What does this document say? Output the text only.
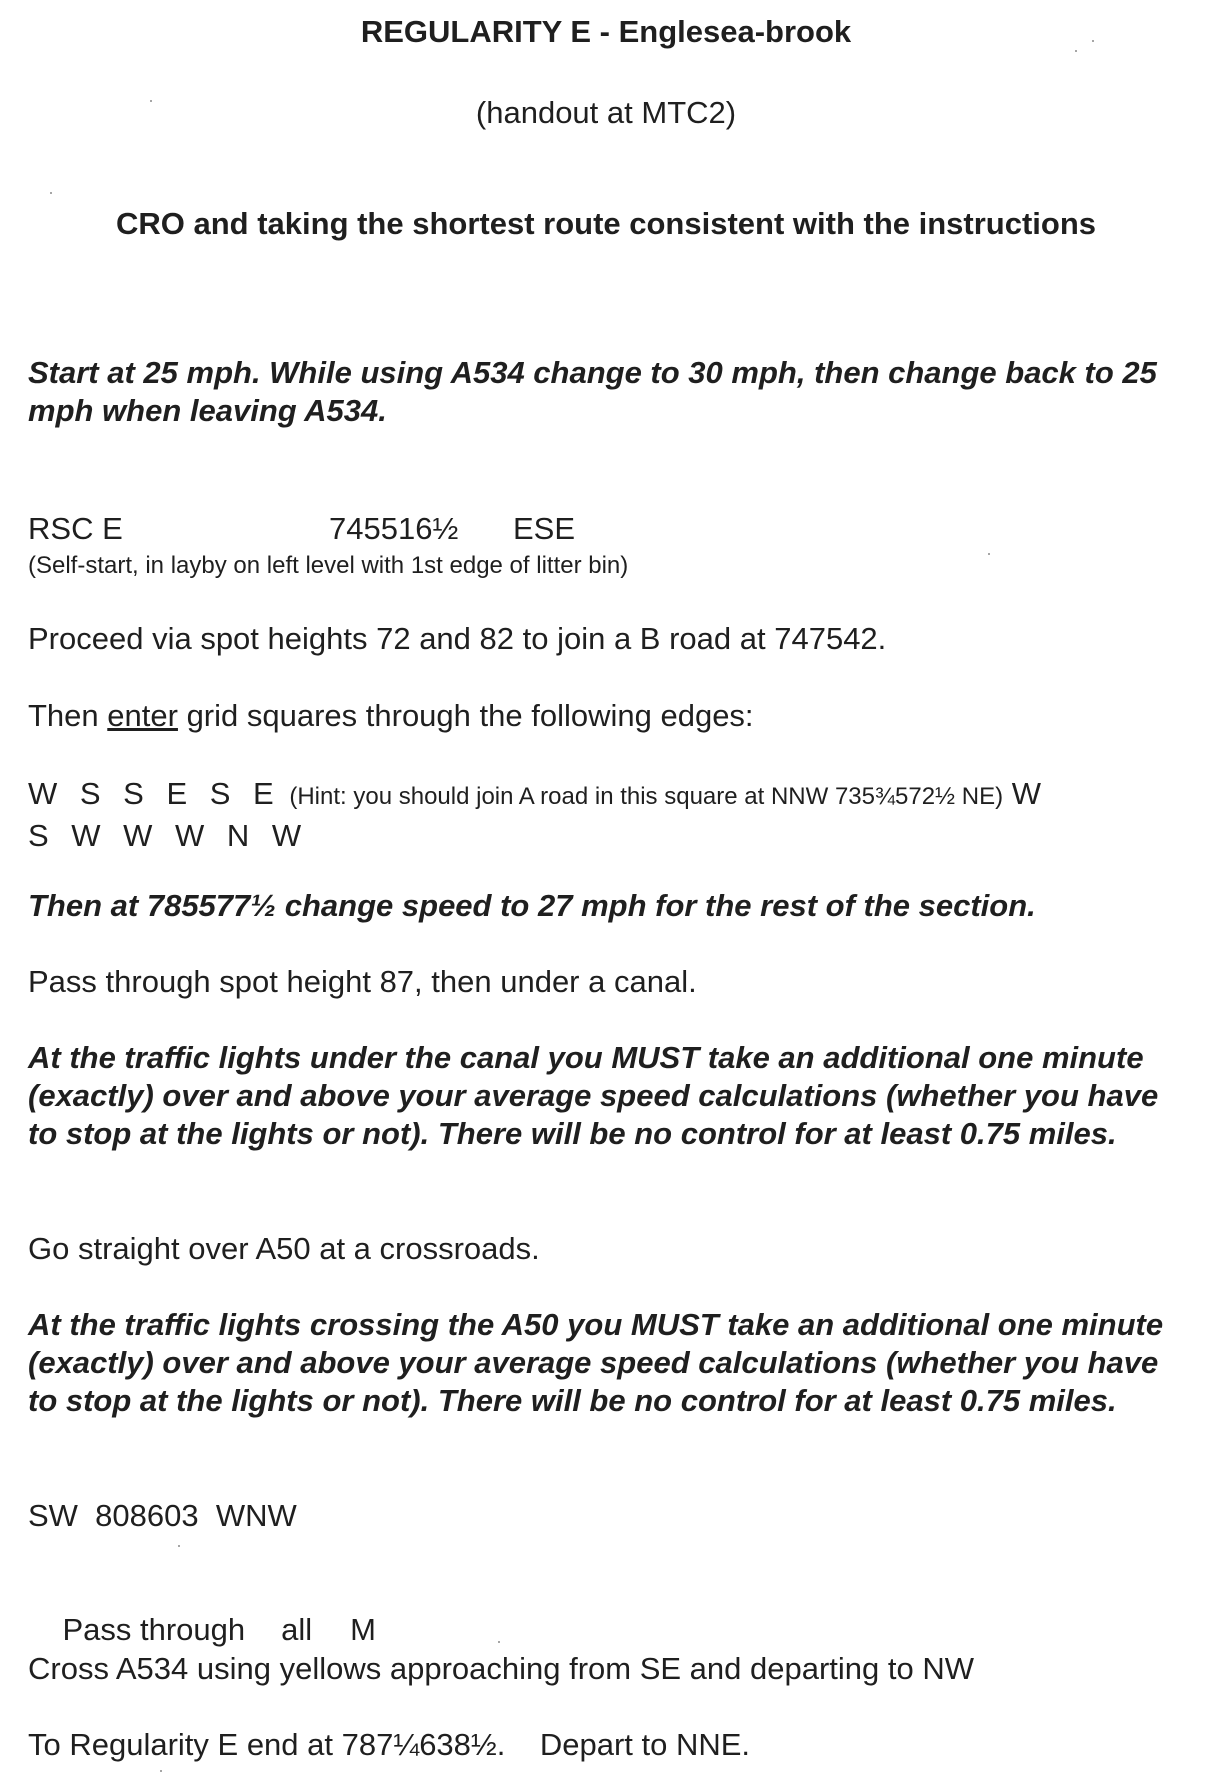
REGULARITY E - Englesea-brook
(handout at MTC2)
CRO and taking the shortest route consistent with the instructions
Start at 25 mph. While using A534 change to 30 mph, then change back to 25 mph when leaving A534.
RSC E	745516½ ESE
(Self-start, in layby on left level with 1st edge of litter bin)
Proceed via spot heights 72 and 82 to join a B road at 747542.
Then enter grid squares through the following edges:
W S S E S E (Hint: you should join A road in this square at NNW 735¾572½ NE) W
S W W W N W
Then at 785577½ change speed to 27 mph for the rest of the section.
Pass through spot height 87, then under a canal.
At the traffic lights under the canal you MUST take an additional one minute (exactly) over and above your average speed calculations (whether you have to stop at the lights or not). There will be no control for at least 0.75 miles.
Go straight over A50 at a crossroads.
At the traffic lights crossing the A50 you MUST take an additional one minute (exactly) over and above your average speed calculations (whether you have to stop at the lights or not). There will be no control for at least 0.75 miles.
SW  808603  WNW

Pass through all M

Cross A534 using yellows approaching from SE and departing to NW
To Regularity E end at 787¼638½.    Depart to NNE.
